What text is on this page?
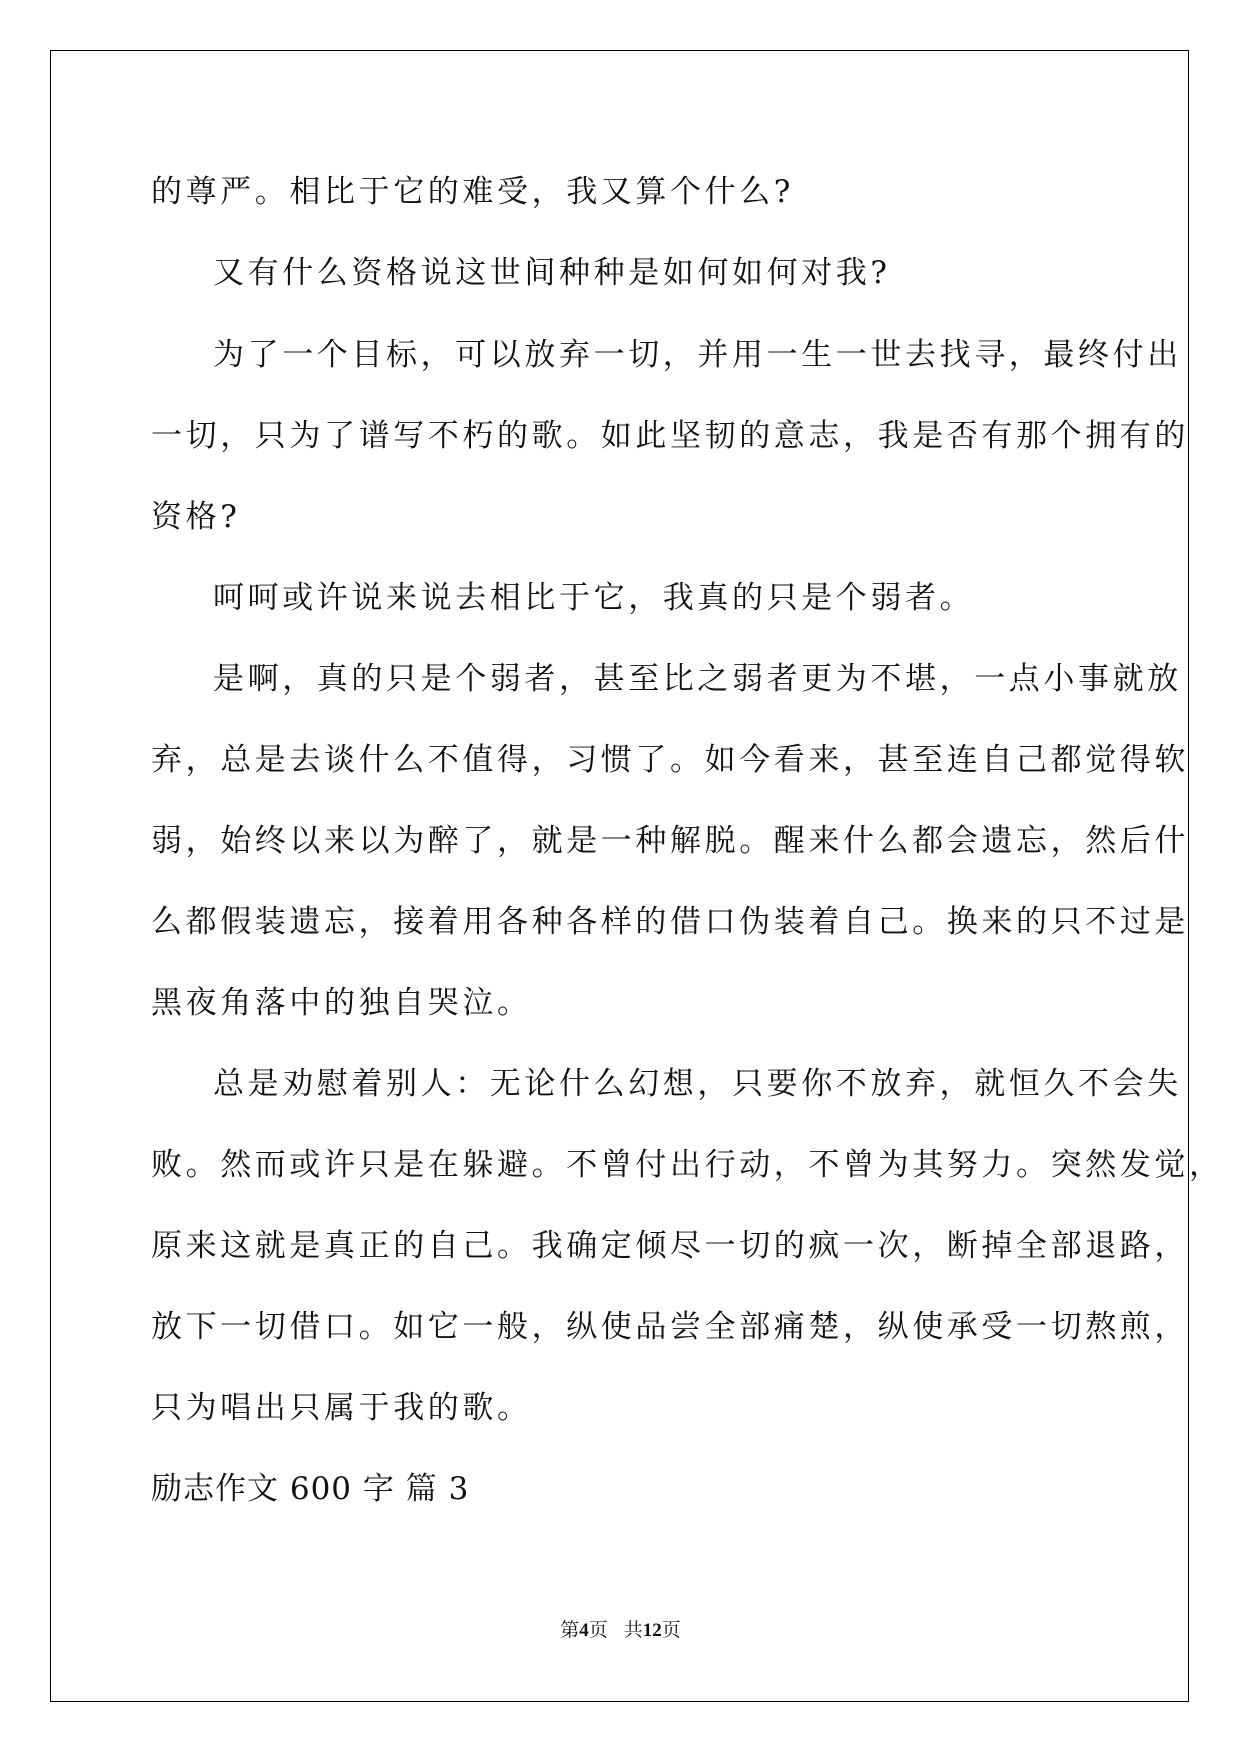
的尊严。相比于它的难受，我又算个什么?

又有什么资格说这世间种种是如何如何对我?

为了一个目标，可以放弃一切，并用一生一世去找寻，最终付出

一切，只为了谱写不朽的歌。如此坚韧的意志，我是否有那个拥有的

资格?

呵呵或许说来说去相比于它，我真的只是个弱者。

是啊，真的只是个弱者，甚至比之弱者更为不堪，一点小事就放

弃，总是去谈什么不值得，习惯了。如今看来，甚至连自己都觉得软

弱，始终以来以为醉了，就是一种解脱。醒来什么都会遗忘，然后什

么都假装遗忘，接着用各种各样的借口伪装着自己。换来的只不过是

黑夜角落中的独自哭泣。

总是劝慰着别人：无论什么幻想，只要你不放弃，就恒久不会失

败。然而或许只是在躲避。不曾付出行动，不曾为其努力。突然发觉，

原来这就是真正的自己。我确定倾尽一切的疯一次，断掉全部退路，

放下一切借口。如它一般，纵使品尝全部痛楚，纵使承受一切熬煎，

只为唱出只属于我的歌。

励志作文 600 字 篇 3

第4页 共12页
